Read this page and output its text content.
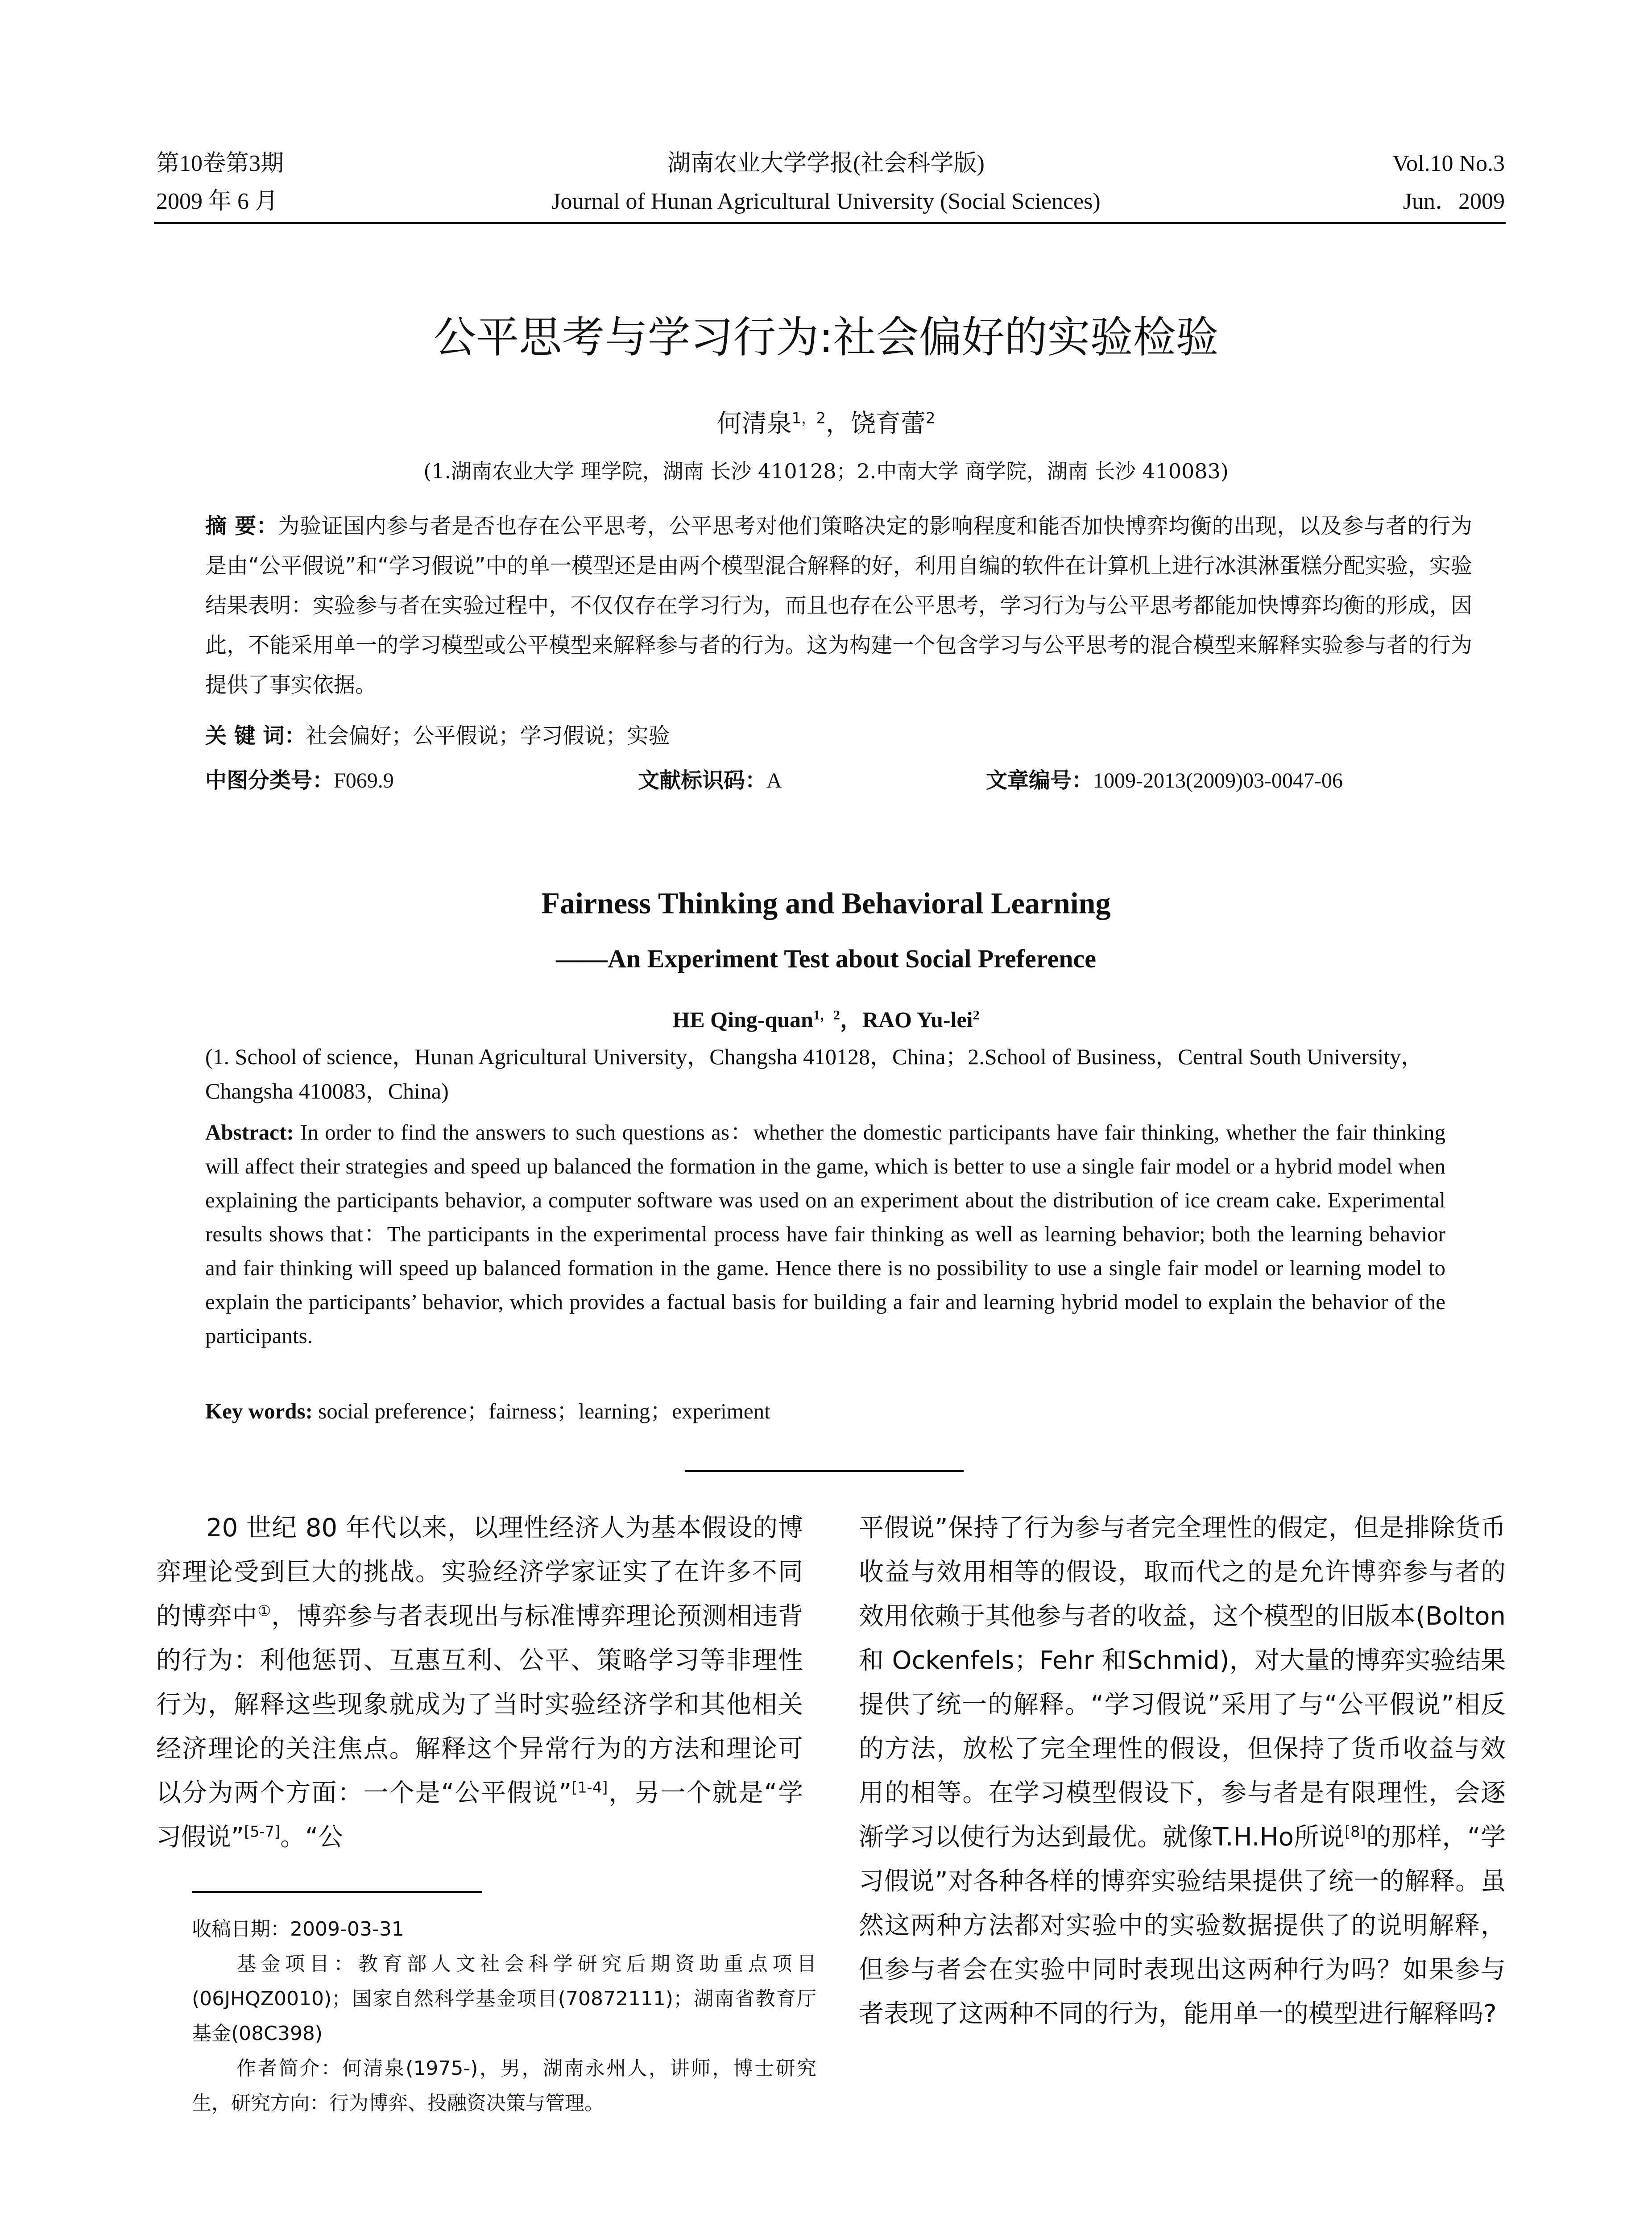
第10卷第3期
2009 年 6 月
湖南农业大学学报(社会科学版)
Journal of Hunan Agricultural University (Social Sciences)
Vol.10 No.3
Jun．2009
公平思考与学习行为:社会偏好的实验检验
何清泉$^{1,2}$，饶育蕾$^2$
(1.湖南农业大学 理学院，湖南 长沙 410128；2.中南大学 商学院，湖南 长沙 410083)
摘 要：为验证国内参与者是否也存在公平思考，公平思考对他们策略决定的影响程度和能否加快博弈均衡的出现，以及参与者的行为是由“公平假说”和“学习假说”中的单一模型还是由两个模型混合解释的好，利用自编的软件在计算机上进行冰淇淋蛋糕分配实验，实验结果表明：实验参与者在实验过程中，不仅仅存在学习行为，而且也存在公平思考，学习行为与公平思考都能加快博弈均衡的形成，因此，不能采用单一的学习模型或公平模型来解释参与者的行为。这为构建一个包含学习与公平思考的混合模型来解释实验参与者的行为提供了事实依据。
关 键 词：社会偏好；公平假说；学习假说；实验
中图分类号：F069.9	文献标识码：A	文章编号：1009-2013(2009)03-0047-06
Fairness Thinking and Behavioral Learning
——An Experiment Test about Social Preference
HE Qing-quan$^{1,2}$，RAO Yu-lei$^2$
(1. School of science，Hunan Agricultural University，Changsha 410128，China；2.School of Business，Central South University，Changsha 410083，China)
Abstract: In order to find the answers to such questions as：whether the domestic participants have fair thinking, whether the fair thinking will affect their strategies and speed up balanced the formation in the game, which is better to use a single fair model or a hybrid model when explaining the participants behavior, a computer software was used on an experiment about the distribution of ice cream cake. Experimental results shows that：The participants in the experimental process have fair thinking as well as learning behavior; both the learning behavior and fair thinking will speed up balanced formation in the game. Hence there is no possibility to use a single fair model or learning model to explain the participants’ behavior, which provides a factual basis for building a fair and learning hybrid model to explain the behavior of the participants.
Key words: social preference；fairness；learning；experiment
20 世纪 80 年代以来，以理性经济人为基本假设的博弈理论受到巨大的挑战。实验经济学家证实了在许多不同的博弈中①，博弈参与者表现出与标准博弈理论预测相违背的行为：利他惩罚、互惠互利、公平、策略学习等非理性行为，解释这些现象就成为了当时实验经济学和其他相关经济理论的关注焦点。解释这个异常行为的方法和理论可以分为两个方面：一个是“公平假说”[1-4]，另一个就是“学习假说”[5-7]。“公
收稿日期：2009-03-31
基金项目：教育部人文社会科学研究后期资助重点项目(06JHQZ0010)；国家自然科学基金项目(70872111)；湖南省教育厅基金(08C398)
作者简介：何清泉(1975-)，男，湖南永州人，讲师，博士研究生，研究方向：行为博弈、投融资决策与管理。
平假说”保持了行为参与者完全理性的假定，但是排除货币收益与效用相等的假设，取而代之的是允许博弈参与者的效用依赖于其他参与者的收益，这个模型的旧版本(Bolton 和 Ockenfels；Fehr 和Schmid)，对大量的博弈实验结果提供了统一的解释。“学习假说”采用了与“公平假说”相反的方法，放松了完全理性的假设，但保持了货币收益与效用的相等。在学习模型假设下，参与者是有限理性，会逐渐学习以使行为达到最优。就像T.H.Ho所说[8]的那样，“学习假说”对各种各样的博弈实验结果提供了统一的解释。虽然这两种方法都对实验中的实验数据提供了的说明解释，但参与者会在实验中同时表现出这两种行为吗？如果参与者表现了这两种不同的行为，能用单一的模型进行解释吗?
